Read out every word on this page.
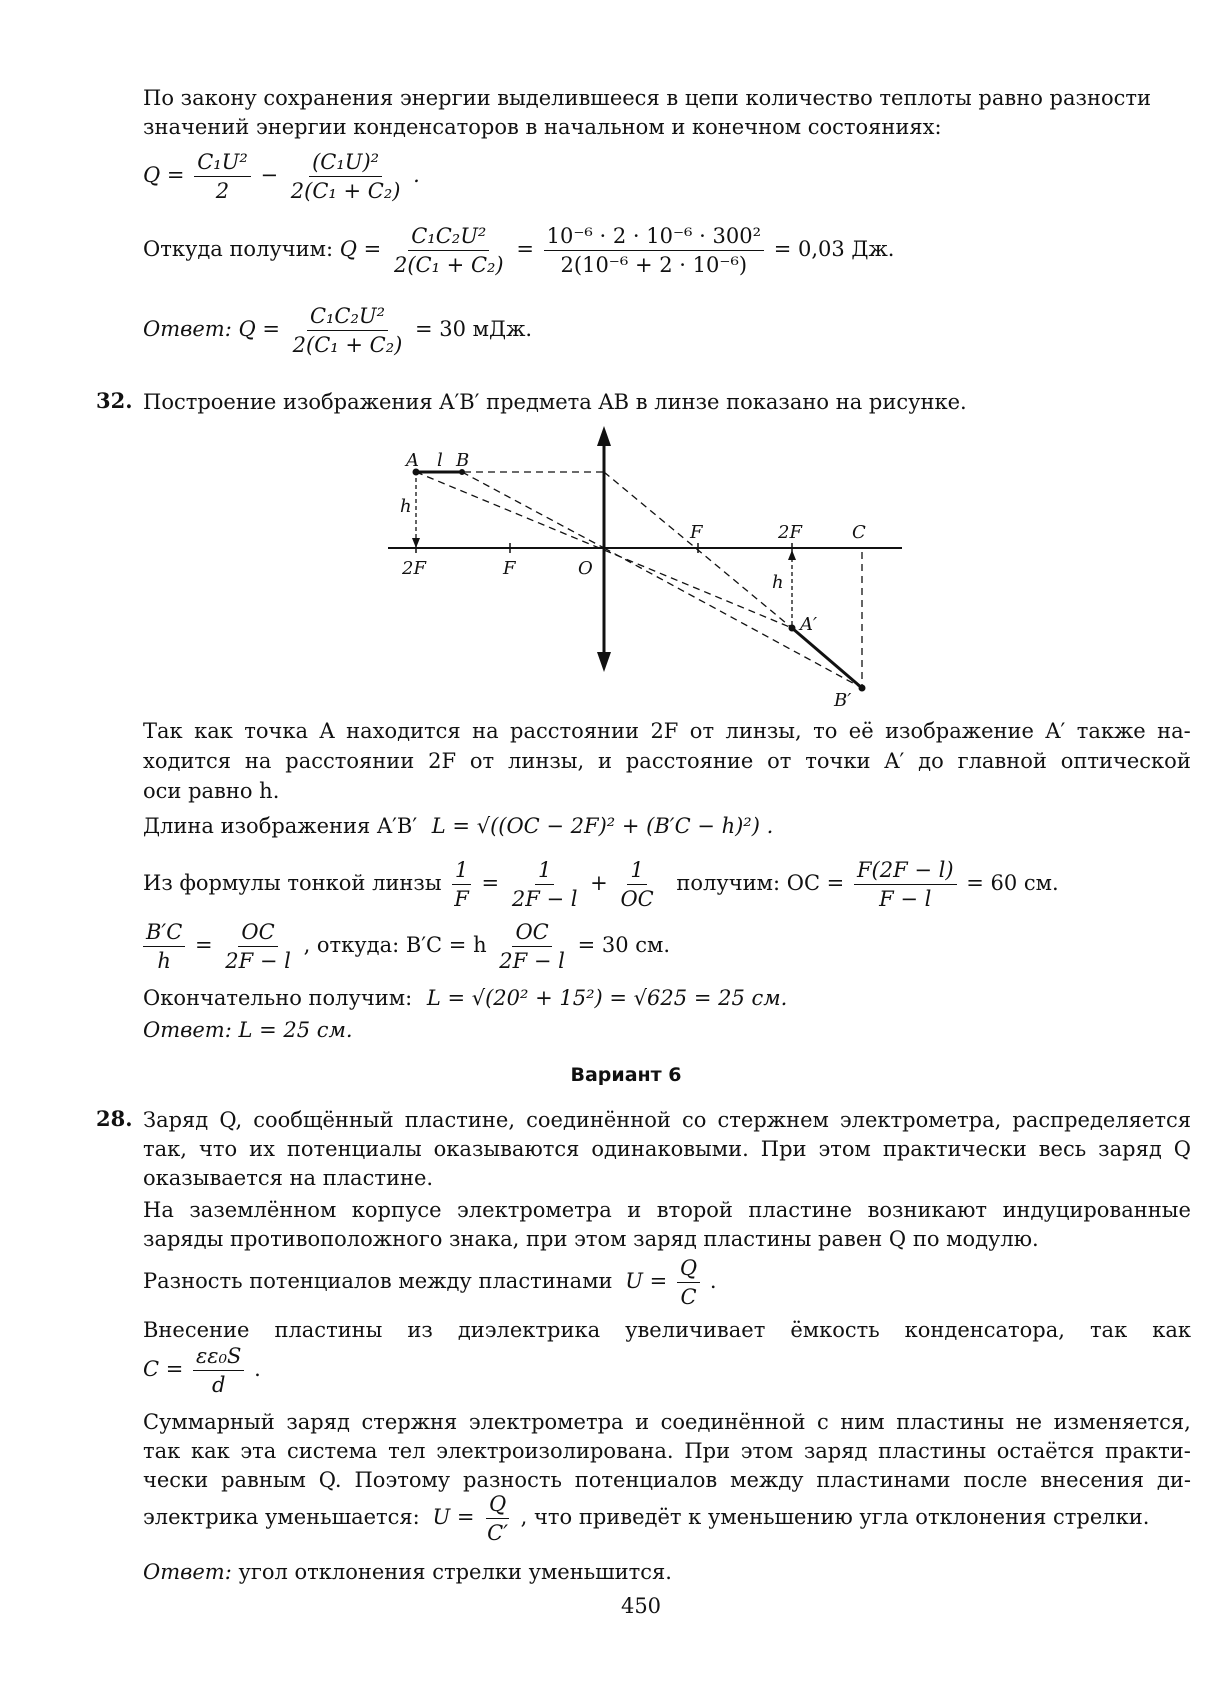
По закону сохранения энергии выделившееся в цепи количество теплоты равно разности
значений энергии конденсаторов в начальном и конечном состояниях:
$Q = \frac{\text{C₁U²}}{2} - \frac{\text{(C₁U)²}}{\text{2(C₁ + C₂)}}$ .
Откуда получим: $Q = \frac{\text{C₁C₂U²}}{\text{2(C₁ + C₂)}} = \frac{\text{10⁻⁶ · 2 · 10⁻⁶ · 300²}}{\text{2(10⁻⁶ + 2 · 10⁻⁶)}} = 0,03$ Дж.
Ответ: $Q = \frac{\text{C₁C₂U²}}{\text{2(C₁ + C₂)}} = 30$ мДж.
32. Построение изображения A′B′ предмета AB в линзе показано на рисунке.
A l B
h
2F	F	O
F	2F	C
h
A′
B′
Так как точка A находится на расстоянии 2F от линзы, то её изображение A′ также на-
ходится на расстоянии 2F от линзы, и расстояние от точки A′ до главной оптической
оси равно h.
Длина изображения A′B′ L = √((OC − 2F)² + (B′C − h)²) .
Из формулы тонкой линзы $\frac{1}{F} = \frac{1}{2F - l} + \frac{1}{OC}$ получим: OC = $\frac{F(2F - l)}{F - l} = 60$ см.
$\frac{B'C}{h} = \frac{OC}{2F - l}$ , откуда: B′C = h $\frac{OC}{2F - l} = 30$ см.
Окончательно получим: L = √(20² + 15²) = √625 = 25 см.
Ответ: L = 25 см.
Вариант 6
28. Заряд Q, сообщённый пластине, соединённой со стержнем электрометра, распределяется
так, что их потенциалы оказываются одинаковыми. При этом практически весь заряд Q
оказывается на пластине.
На заземлённом корпусе электрометра и второй пластине возникают индуцированные
заряды противоположного знака, при этом заряд пластины равен Q по модулю.
Разность потенциалов между пластинами $U = \frac{Q}{C}$ .
Внесение пластины из диэлектрика увеличивает ёмкость конденсатора, так как
$C = \frac{\text{εε₀S}}{d}$ .
Суммарный заряд стержня электрометра и соединённой с ним пластины не изменяется,
так как эта система тел электроизолирована. При этом заряд пластины остаётся практи-
чески равным Q. Поэтому разность потенциалов между пластинами после внесения ди-
электрика уменьшается: $U = \frac{Q}{C'}$ , что приведёт к уменьшению угла отклонения стрелки.
Ответ: угол отклонения стрелки уменьшится.
450
